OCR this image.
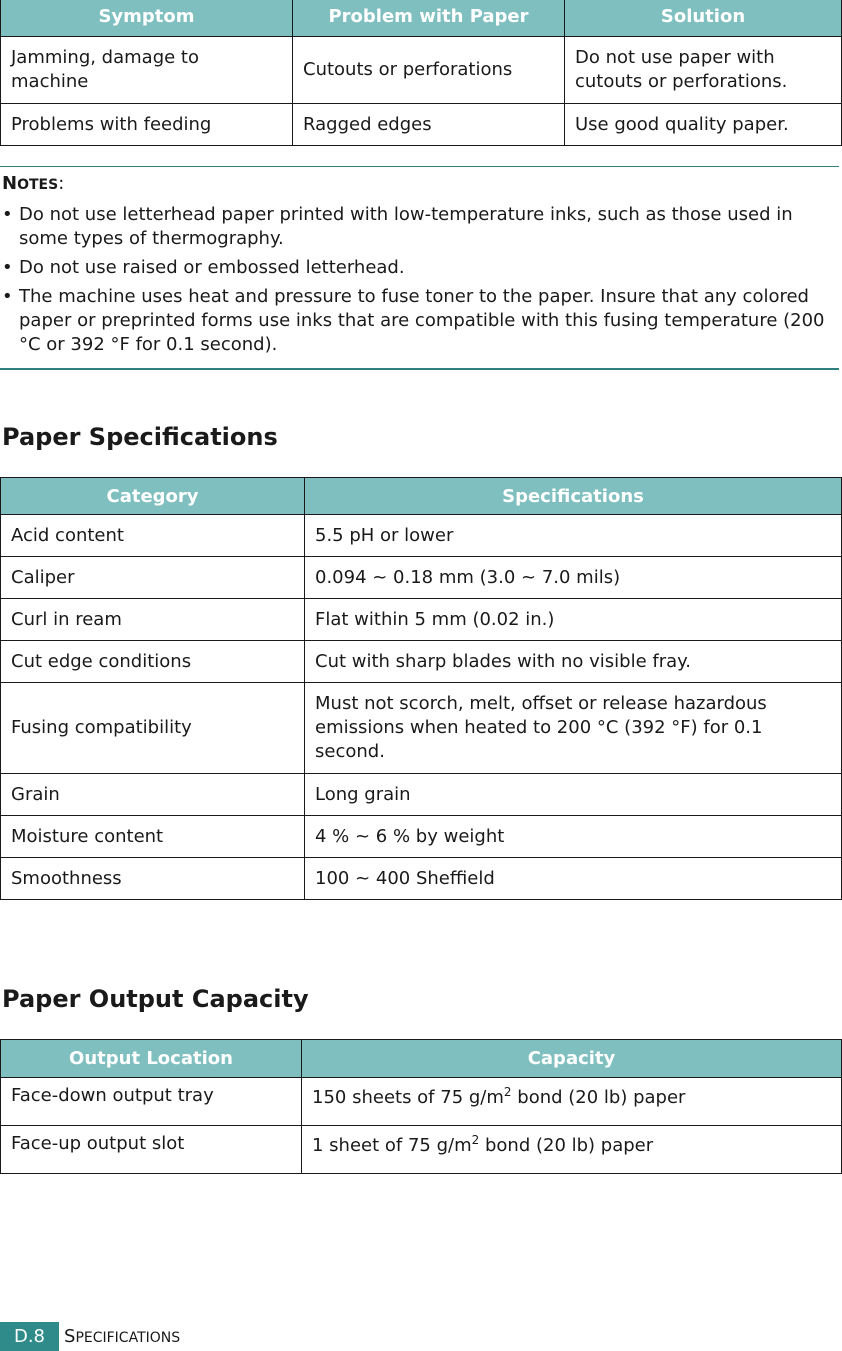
Symptom	Problem with Paper	Solution
Jamming, damage to machine	Cutouts or perforations	Do not use paper with cutouts or perforations.
Problems with feeding	Ragged edges	Use good quality paper.
NOTES:
• Do not use letterhead paper printed with low-temperature inks, such as those used in some types of thermography.
• Do not use raised or embossed letterhead.
• The machine uses heat and pressure to fuse toner to the paper. Insure that any colored paper or preprinted forms use inks that are compatible with this fusing temperature (200 °C or 392 °F for 0.1 second).
Paper Specifications
Category	Specifications
Acid content	5.5 pH or lower
Caliper	0.094 ~ 0.18 mm (3.0 ~ 7.0 mils)
Curl in ream	Flat within 5 mm (0.02 in.)
Cut edge conditions	Cut with sharp blades with no visible fray.
Fusing compatibility	Must not scorch, melt, offset or release hazardous emissions when heated to 200 °C (392 °F) for 0.1 second.
Grain	Long grain
Moisture content	4 % ~ 6 % by weight
Smoothness	100 ~ 400 Sheffield
Paper Output Capacity
Output Location	Capacity
Face-down output tray	150 sheets of 75 $g/m^2$ bond (20 lb) paper
Face-up output slot	1 sheet of 75 $g/m^2$ bond (20 lb) paper
D.8	SPECIFICATIONS
